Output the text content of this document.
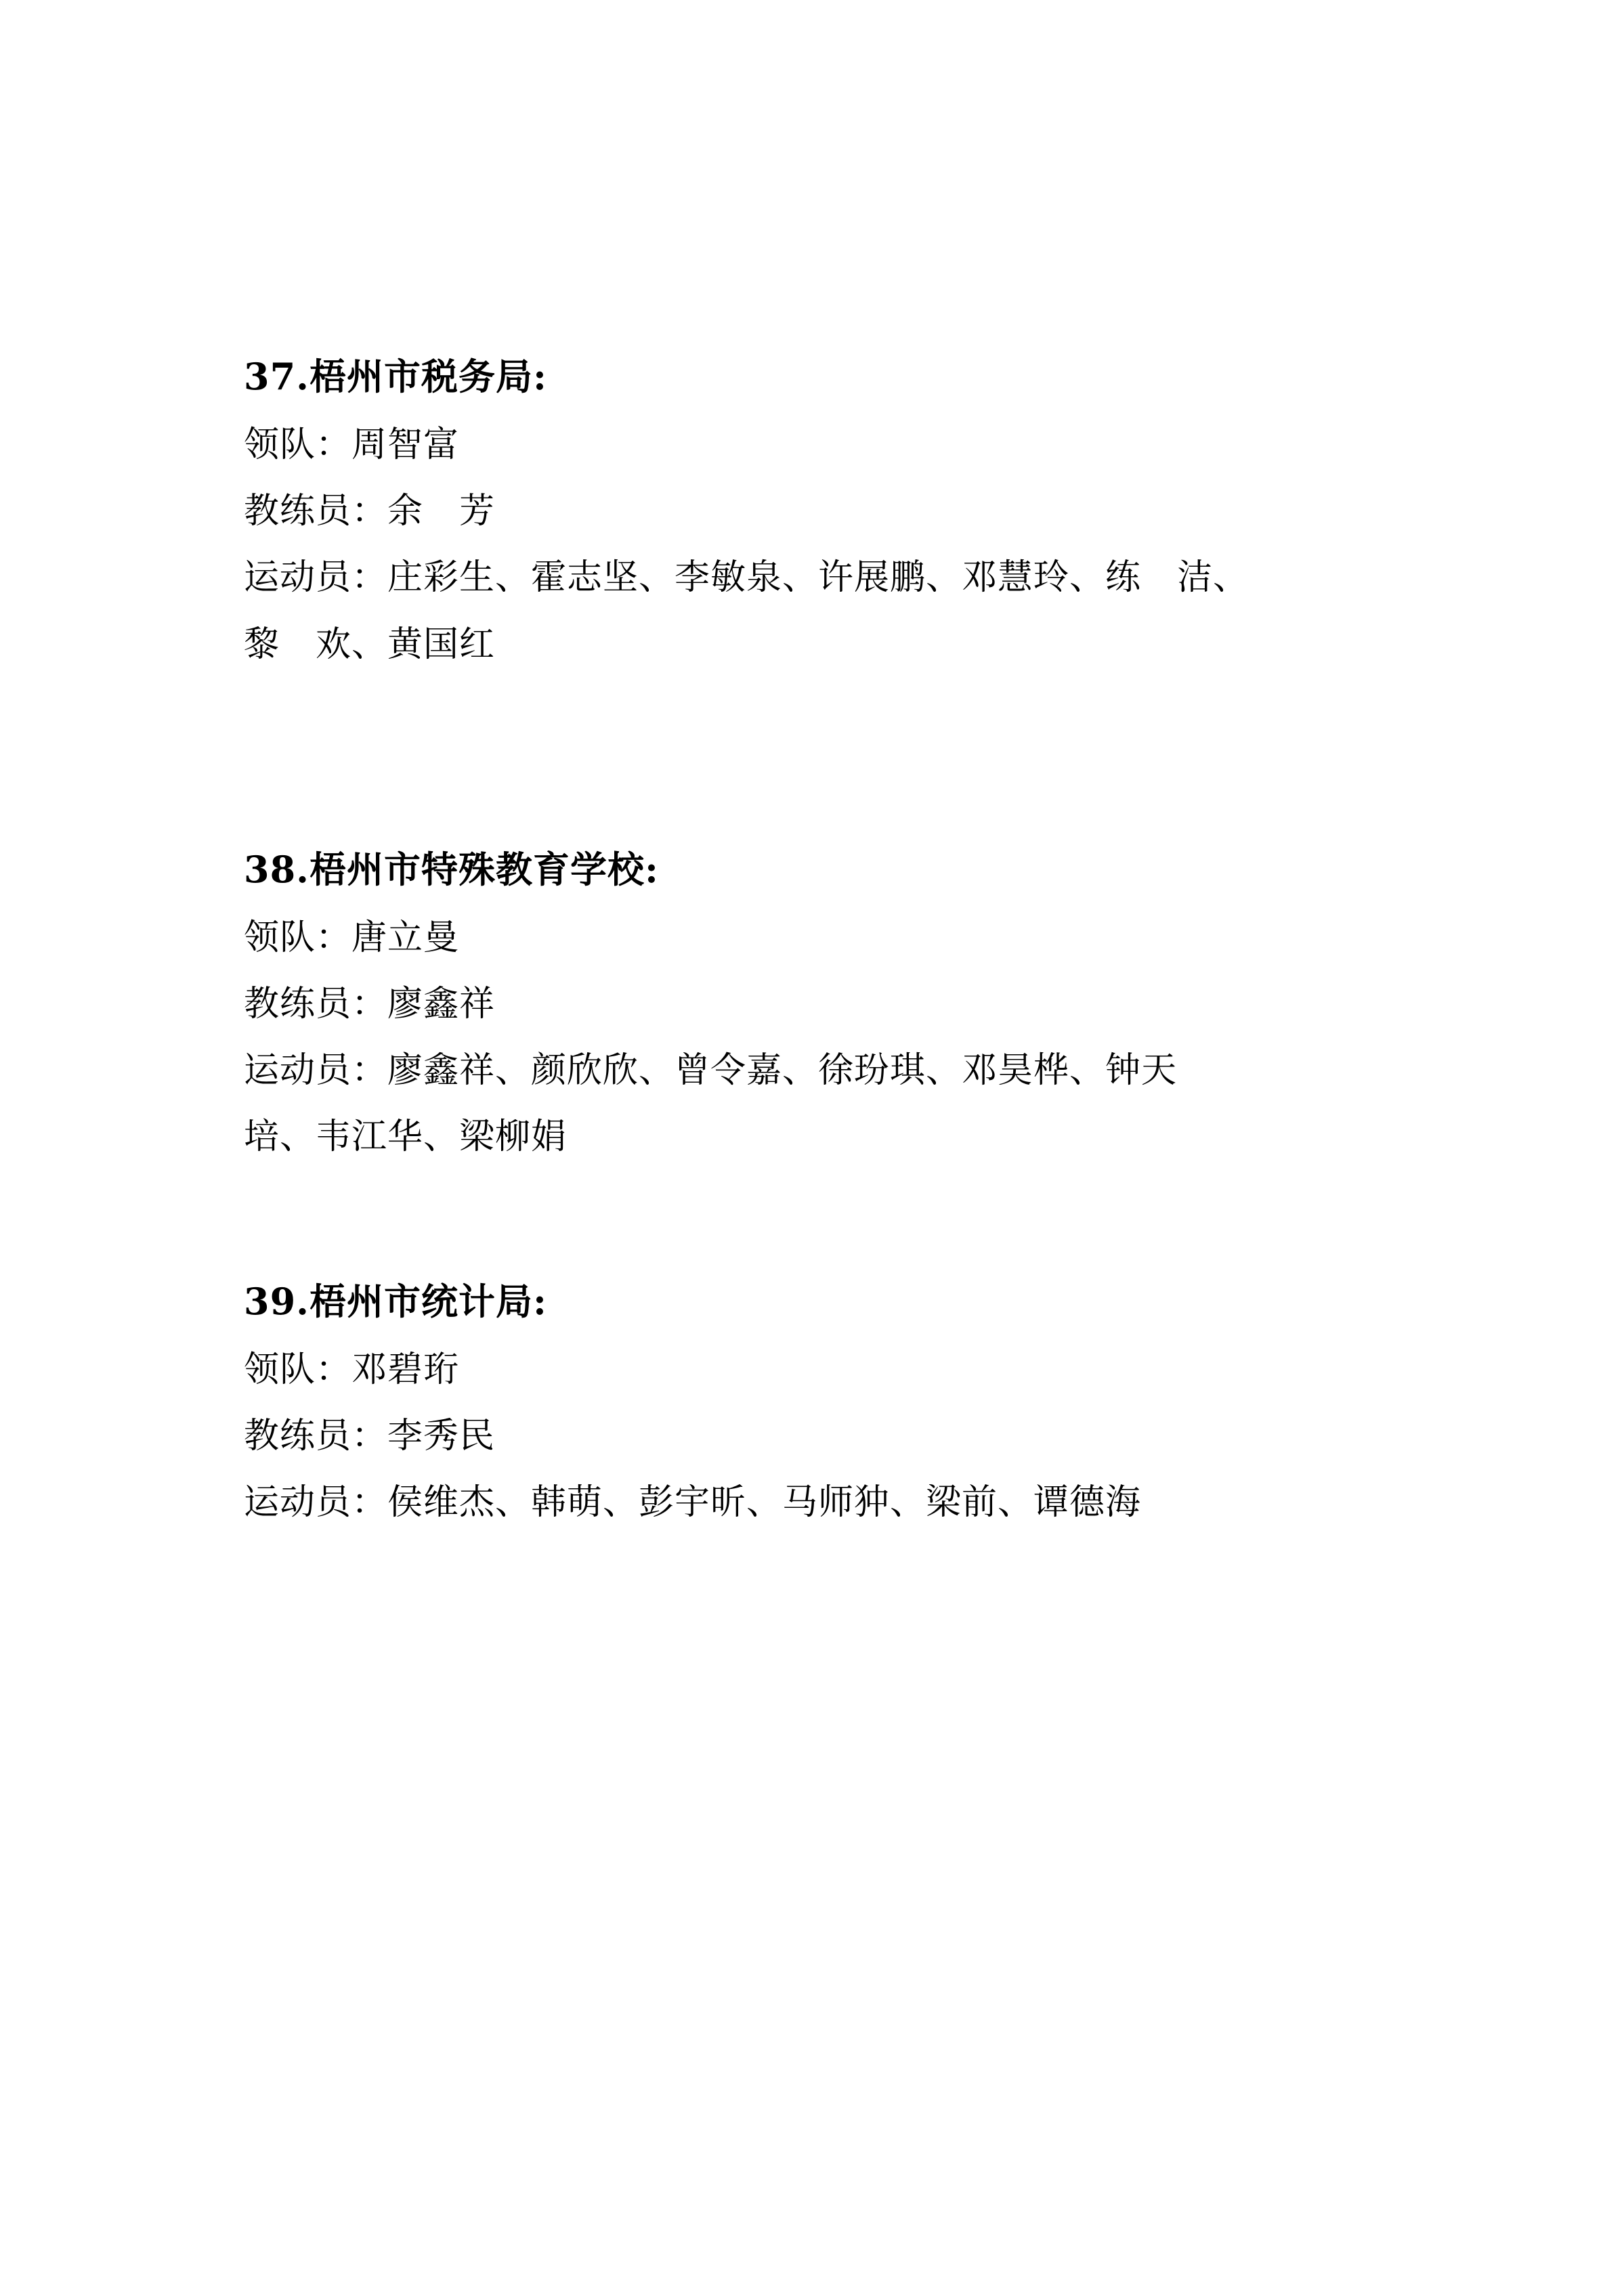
37.梧州市税务局:
领队：周智富
教练员：余　芳
运动员：庄彩生、霍志坚、李敏泉、许展鹏、邓慧玲、练　洁、
黎　欢、黄国红
38.梧州市特殊教育学校:
领队：唐立曼
教练员：廖鑫祥
运动员：廖鑫祥、颜欣欣、曾令嘉、徐玢琪、邓昊桦、钟天
培、韦江华、梁柳娟
39.梧州市统计局:
领队：邓碧珩
教练员：李秀民
运动员：侯维杰、韩萌、彭宇昕、马师狆、梁前、谭德海
